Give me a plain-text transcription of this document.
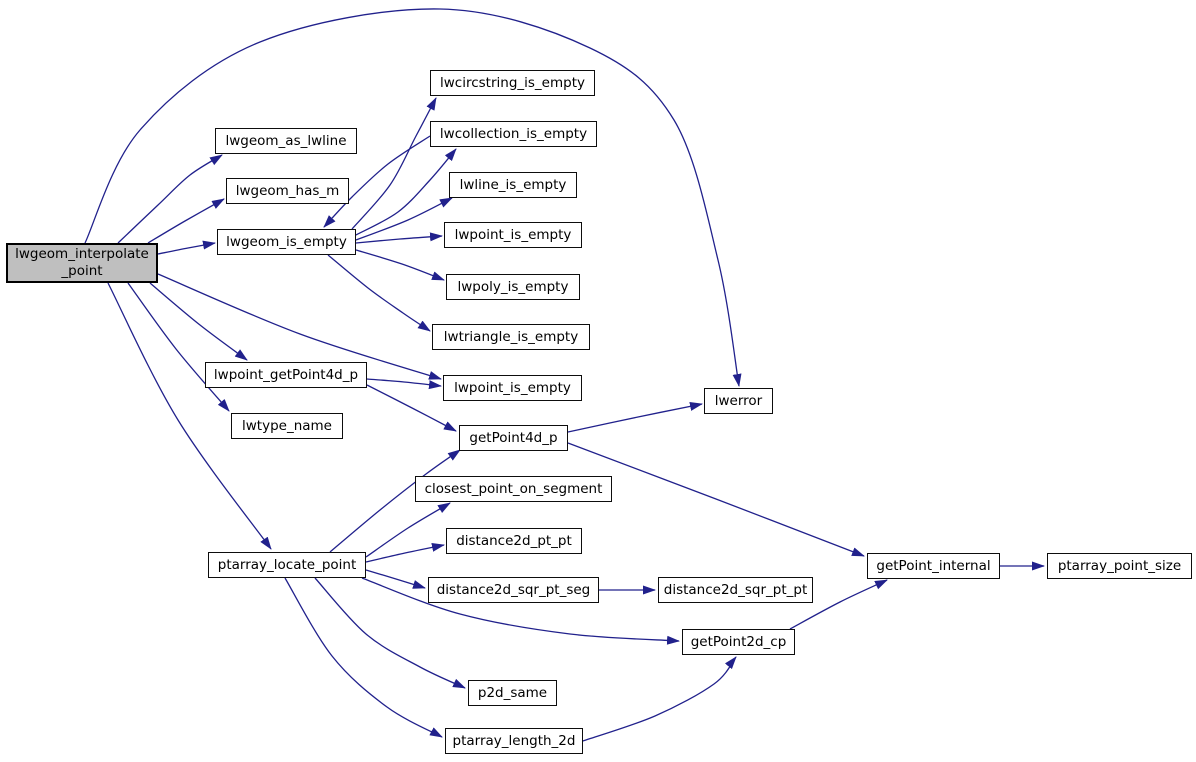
lwgeom_interpolate
_point
lwcircstring_is_empty
lwcollection_is_empty
lwgeom_as_lwline
lwline_is_empty
lwgeom_has_m
lwpoint_is_empty
lwgeom_is_empty
lwpoly_is_empty
lwtriangle_is_empty
lwpoint_getPoint4d_p
lwpoint_is_empty
lwerror
lwtype_name
getPoint4d_p
closest_point_on_segment
distance2d_pt_pt
ptarray_locate_point
distance2d_sqr_pt_seg	distance2d_sqr_pt_pt
getPoint_internal	ptarray_point_size
getPoint2d_cp
p2d_same
ptarray_length_2d
